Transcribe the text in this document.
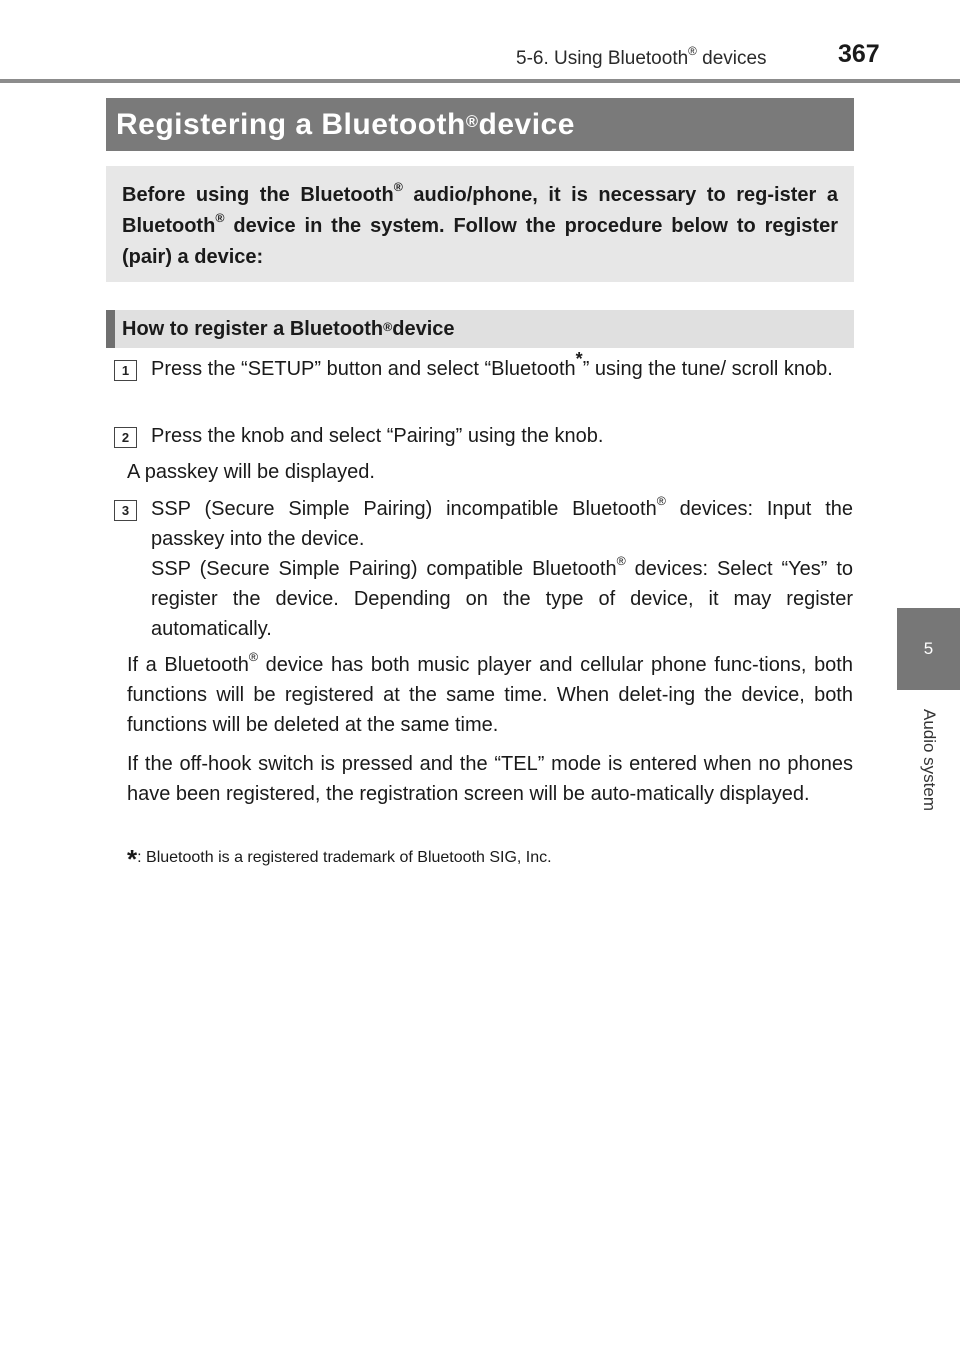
5-6. Using Bluetooth® devices	367
5
Audio system
Registering a Bluetooth® device
Before using the Bluetooth® audio/phone, it is necessary to reg-ister a Bluetooth® device in the system. Follow the procedure below to register (pair) a device:
How to register a Bluetooth® device
1	Press the “SETUP” button and select “Bluetooth*” using the tune/ scroll knob.
2	Press the knob and select “Pairing” using the knob.
A passkey will be displayed.
3	SSP (Secure Simple Pairing) incompatible Bluetooth® devices: Input the passkey into the device.
SSP (Secure Simple Pairing) compatible Bluetooth® devices: Select “Yes” to register the device. Depending on the type of device, it may register automatically.
If a Bluetooth® device has both music player and cellular phone func-tions, both functions will be registered at the same time. When delet-ing the device, both functions will be deleted at the same time.
If the off-hook switch is pressed and the “TEL” mode is entered when no phones have been registered, the registration screen will be auto-matically displayed.
*: Bluetooth is a registered trademark of Bluetooth SIG, Inc.
